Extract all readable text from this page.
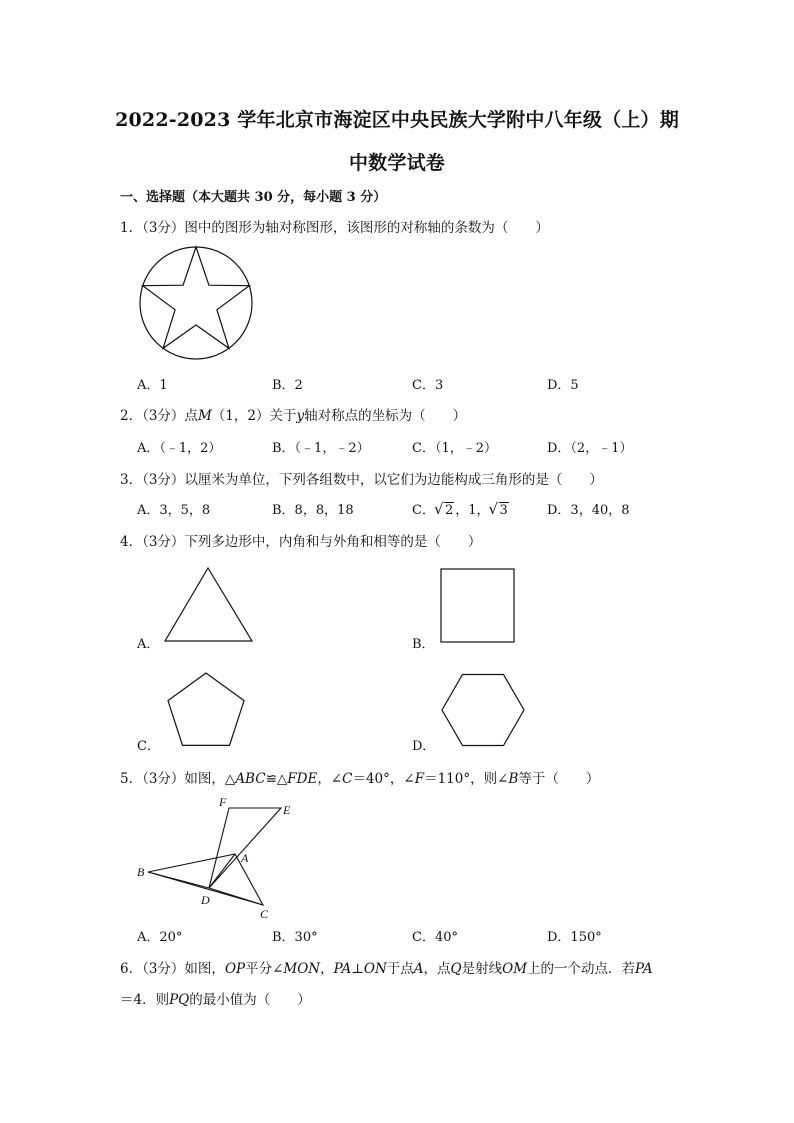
2022-2023 学年北京市海淀区中央民族大学附中八年级（上）期
中数学试卷
一、选择题（本大题共 30 分，每小题 3 分）
1．（3分）图中的图形为轴对称图形，该图形的对称轴的条数为（　　）
A．1	B．2	C．3	D．5
2．（3分）点M（1，2）关于y轴对称点的坐标为（　　）
A．（﹣1，2）	B．（﹣1，﹣2）	C．（1，﹣2）	D．（2，﹣1）
3．（3分）以厘米为单位，下列各组数中，以它们为边能构成三角形的是（　　）
A．3，5，8	B．8，8，18	C． √ 2 ，1， √ 3	D．3，40，8
4．（3分）下列多边形中，内角和与外角和相等的是（　　）
A．	B．
C．	D．
5．（3分）如图，△ABC≌△FDE，∠C＝40°，∠F＝110°，则∠B等于（　　）
F
E
A
B
D
C
A．20°	B．30°	C．40°	D．150°
6．（3分）如图，OP平分∠MON，PA⊥ON于点A，点Q是射线OM上的一个动点．若PA
＝4．则PQ的最小值为（　　）
